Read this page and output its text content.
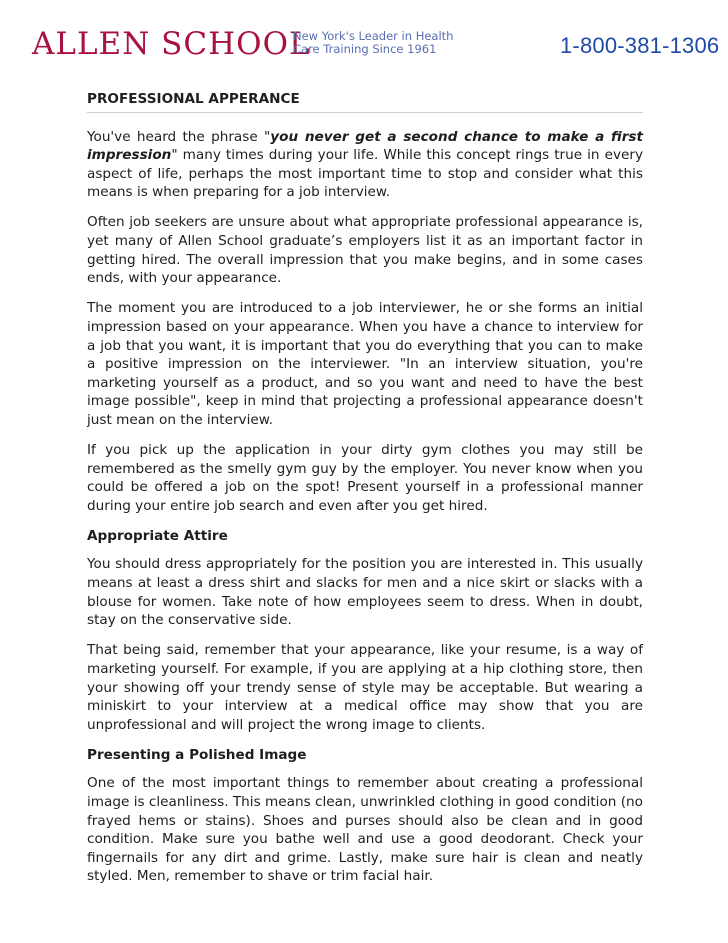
ALLEN SCHOOL
New York's Leader in Health
Care Training Since 1961	1-800-381-1306
PROFESSIONAL APPERANCE

You've heard the phrase "you never get a second chance to make a first impression" many times during your life. While this concept rings true in every aspect of life, perhaps the most important time to stop and consider what this means is when preparing for a job interview.

Often job seekers are unsure about what appropriate professional appearance is, yet many of Allen School graduate’s employers list it as an important factor in getting hired. The overall impression that you make begins, and in some cases ends, with your appearance.

The moment you are introduced to a job interviewer, he or she forms an initial impression based on your appearance. When you have a chance to interview for a job that you want, it is important that you do everything that you can to make a positive impression on the interviewer. "In an interview situation, you're marketing yourself as a product, and so you want and need to have the best image possible", keep in mind that projecting a professional appearance doesn't just mean on the interview.

If you pick up the application in your dirty gym clothes you may still be remembered as the smelly gym guy by the employer. You never know when you could be offered a job on the spot! Present yourself in a professional manner during your entire job search and even after you get hired.

Appropriate Attire

You should dress appropriately for the position you are interested in. This usually means at least a dress shirt and slacks for men and a nice skirt or slacks with a blouse for women. Take note of how employees seem to dress. When in doubt, stay on the conservative side.

That being said, remember that your appearance, like your resume, is a way of marketing yourself. For example, if you are applying at a hip clothing store, then your showing off your trendy sense of style may be acceptable. But wearing a miniskirt to your interview at a medical office may show that you are unprofessional and will project the wrong image to clients.

Presenting a Polished Image

One of the most important things to remember about creating a professional image is cleanliness. This means clean, unwrinkled clothing in good condition (no frayed hems or stains). Shoes and purses should also be clean and in good condition. Make sure you bathe well and use a good deodorant. Check your fingernails for any dirt and grime. Lastly, make sure hair is clean and neatly styled. Men, remember to shave or trim facial hair.
